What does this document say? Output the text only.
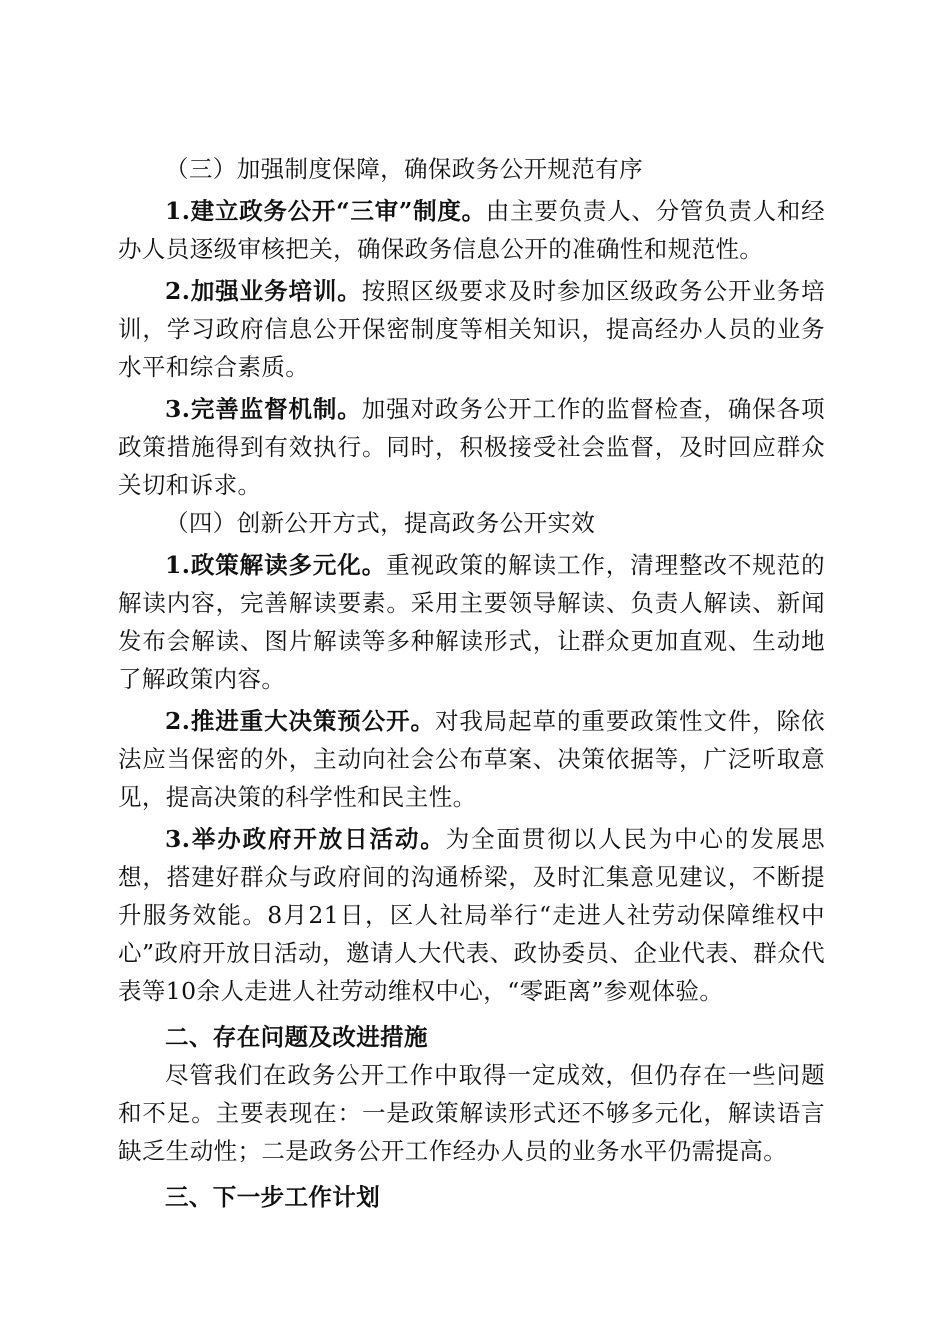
（三）加强制度保障，确保政务公开规范有序

1.建立政务公开“三审”制度。由主要负责人、分管负责人和经办人员逐级审核把关，确保政务信息公开的准确性和规范性。

2.加强业务培训。按照区级要求及时参加区级政务公开业务培训，学习政府信息公开保密制度等相关知识，提高经办人员的业务水平和综合素质。

3.完善监督机制。加强对政务公开工作的监督检查，确保各项政策措施得到有效执行。同时，积极接受社会监督，及时回应群众关切和诉求。

（四）创新公开方式，提高政务公开实效

1.政策解读多元化。重视政策的解读工作，清理整改不规范的解读内容，完善解读要素。采用主要领导解读、负责人解读、新闻发布会解读、图片解读等多种解读形式，让群众更加直观、生动地了解政策内容。

2.推进重大决策预公开。对我局起草的重要政策性文件，除依法应当保密的外，主动向社会公布草案、决策依据等，广泛听取意见，提高决策的科学性和民主性。

3.举办政府开放日活动。为全面贯彻以人民为中心的发展思想，搭建好群众与政府间的沟通桥梁，及时汇集意见建议，不断提升服务效能。8月21日，区人社局举行“走进人社劳动保障维权中心”政府开放日活动，邀请人大代表、政协委员、企业代表、群众代表等10余人走进人社劳动维权中心，“零距离”参观体验。

二、存在问题及改进措施

尽管我们在政务公开工作中取得一定成效，但仍存在一些问题和不足。主要表现在：一是政策解读形式还不够多元化，解读语言缺乏生动性；二是政务公开工作经办人员的业务水平仍需提高。

三、下一步工作计划
